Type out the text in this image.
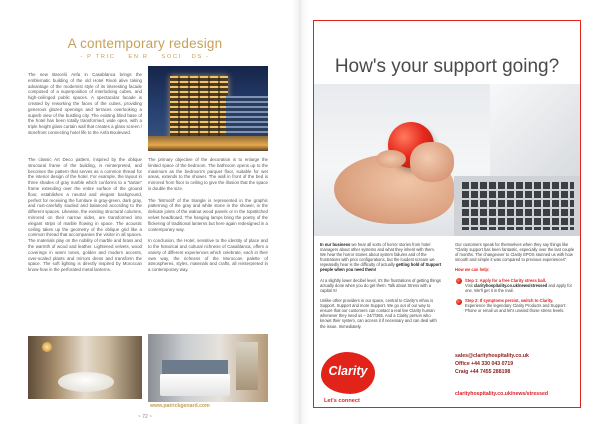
A contemporary redesign
- P TRIC    EN R    SOCI   DS -

The new Barceló Anfa in Casablanca brings the emblematic building of the old Hotel Rivoli alive taking advantage of the modernist style of its interesting facade composed of a superposition of interlocking cubes, and high-ceilinged public spaces. A spectacular facade is created by reworking the faces of the cubes, providing generous glazed openings and terraces overlooking a superb view of the bustling city. The existing blind base of the hotel has been totally transformed, wide open, with a triple height glass curtain wall that creates a glass screen / storefront connecting hotel life to the Anfa Boulevard.

The classic Art Deco pattern, inspired by the oblique structural frame of the building, is reinterpreted, and becomes the pattern that serves as a common thread for the interior design of the hotel. For example, the layout in three shades of gray marble which conforms to a "tartan" frame extending over the entire surface of the ground floor, establishes a neutral and elegant background, perfect for receiving the furniture in gray-green, dark gray, and rust-carefully studied and balanced according to the different spaces. Likewise, the existing structural columns, mirrored on their narrow sides, are transformed into elegant strips of marble flowing in space. The acoustic ceiling takes up the geometry of the oblique grid like a common thread that accompanies the visitor in all spaces. The materials play on the nobility of marble and brass and the warmth of wood and leather. Lightened velvets, wood coverings in warm tones, golden and modern accents, over-scaled plants and mirrors dress and transform the space. The soft lighting is directly inspired by Moroccan know-how in the perforated metal lanterns.

The primary objective of the decoration is to enlarge the limited space of the bedroom. The bathroom opens up to the maximum as the bedroom's parquet floor, suitable for wet areas, extends to the shower. The wall in front of the bed is mirrored from floor to ceiling to give the illusion that the space is double the size.

The 'lintmotif' of the triangle is represented in the graphic patterning of the gray and white stone in the shower, in the delicate joints of the walnut wood panels or in the topstitched velvet headboard. The hanging lamps bring the poetry of the flickering of traditional lanterns but here again redesigned in a contemporary way.

In conclusion, the Hotel, sensitive to the identity of place and to the historical and cultural richness of Casablanca, offers a variety of different experiences which celebrate, each in their own way, the richness of the Moroccan palette of atmospheres, styles, materials and crafts, all reinterpreted in a contemporary way.

www.patrickgenard.com
~ 72 ~
How's your support going?

In our business we hear all sorts of horror stories from hotel managers about other systems and what they inherit with them. We hear the horror stories about system failures and of the frustrations with prior configurations, but the loudest scream we repeatedly hear is the difficulty of actually getting hold of Support people when you need them!

At a slightly lower decibel level, it's the frustrations of getting things actually done when you do get them. Talk about Stress with a capital S!

Unlike other providers in our space, central to Clarity's ethos is Support, Support and more Support. We go out of our way to ensure that our customers can contact a real live Clarity human whenever they need us – 24/7/365. And a Clarity person who knows their system, can access it if necessary and can deal with the issue. Immediately.

Our customers speak for themselves when they say things like "Clarity support has been fantastic, especially over the last couple of months. The changeover to Clarity EPOS stunned us with how smooth and simple it was compared to previous experiences".

How we can help:

Step 1: Apply for a free Clarity stress ball.
Visit clarityhospitality.co.uk/news/stressed and apply for one. We'll get it in the mail.
Step 2: If symptoms persist, switch to Clarity.
Experience the legendary Clarity Products and Support: Phone or email us and let's unwind those stress levels.
Clarity
Let's connect
sales@clarityhospitality.co.uk
Office +44 330 043 0719
Craig +44 7455 288198
clarityhospitality.co.uk/news/stressed
